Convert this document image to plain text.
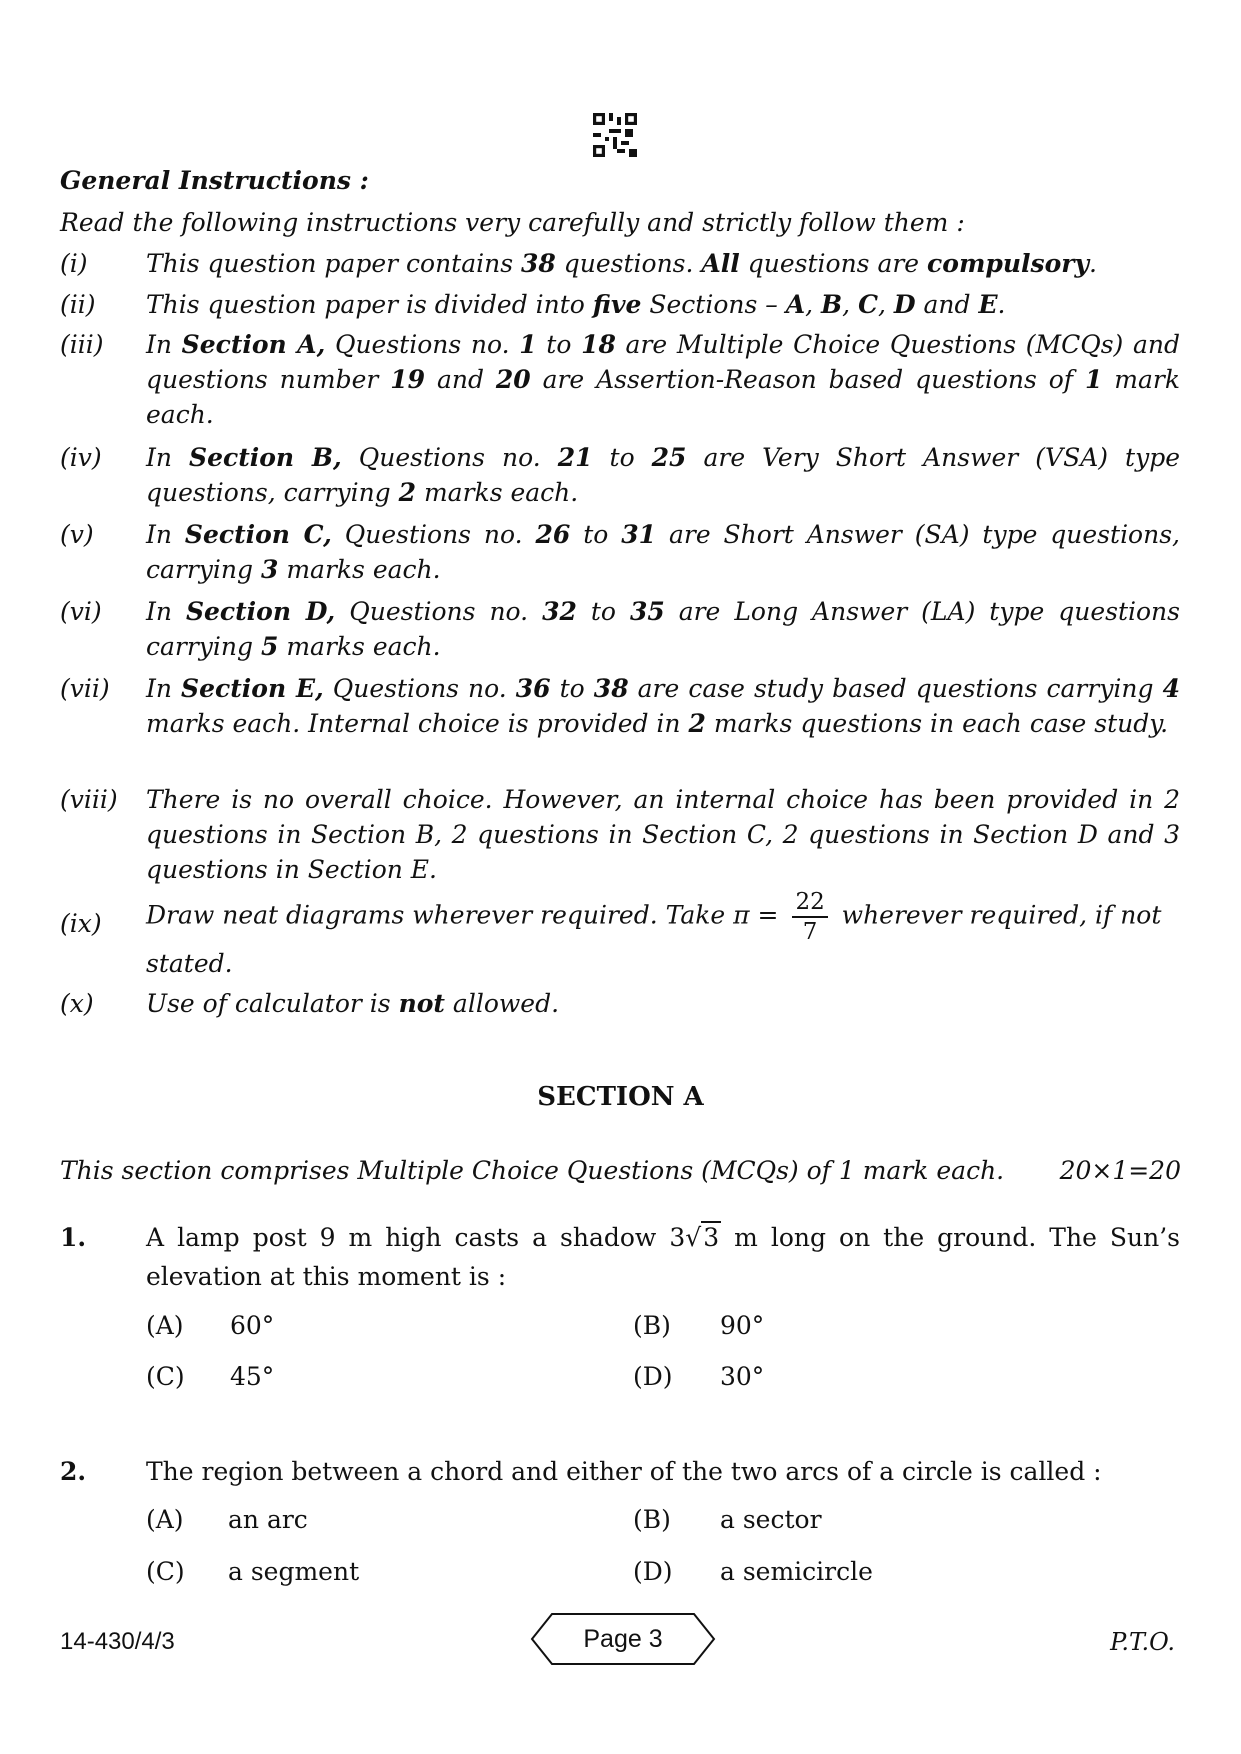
General Instructions :
Read the following instructions very carefully and strictly follow them :
(i) This question paper contains 38 questions. All questions are compulsory.
(ii) This question paper is divided into five Sections – A, B, C, D and E.
(iii) In Section A, Questions no. 1 to 18 are Multiple Choice Questions (MCQs) and questions number 19 and 20 are Assertion-Reason based questions of 1 mark each.
(iv) In Section B, Questions no. 21 to 25 are Very Short Answer (VSA) type questions, carrying 2 marks each.
(v) In Section C, Questions no. 26 to 31 are Short Answer (SA) type questions, carrying 3 marks each.
(vi) In Section D, Questions no. 32 to 35 are Long Answer (LA) type questions carrying 5 marks each.
(vii) In Section E, Questions no. 36 to 38 are case study based questions carrying 4 marks each. Internal choice is provided in 2 marks questions in each case study.
(viii) There is no overall choice. However, an internal choice has been provided in 2 questions in Section B, 2 questions in Section C, 2 questions in Section D and 3 questions in Section E.
(ix) Draw neat diagrams wherever required. Take $\pi = \frac{22}{7}$ wherever required, if not
stated.
(x) Use of calculator is not allowed.
SECTION A
This section comprises Multiple Choice Questions (MCQs) of 1 mark each. 20×1=20
1. A lamp post 9 m high casts a shadow 3√3 m long on the ground. The Sun’s elevation at this moment is :
(A) 60°	(B) 90°
(C) 45°	(D) 30°
2. The region between a chord and either of the two arcs of a circle is called :
(A) an arc	(B) a sector
(C) a segment	(D) a semicircle
14-430/4/3	Page 3	P.T.O.
